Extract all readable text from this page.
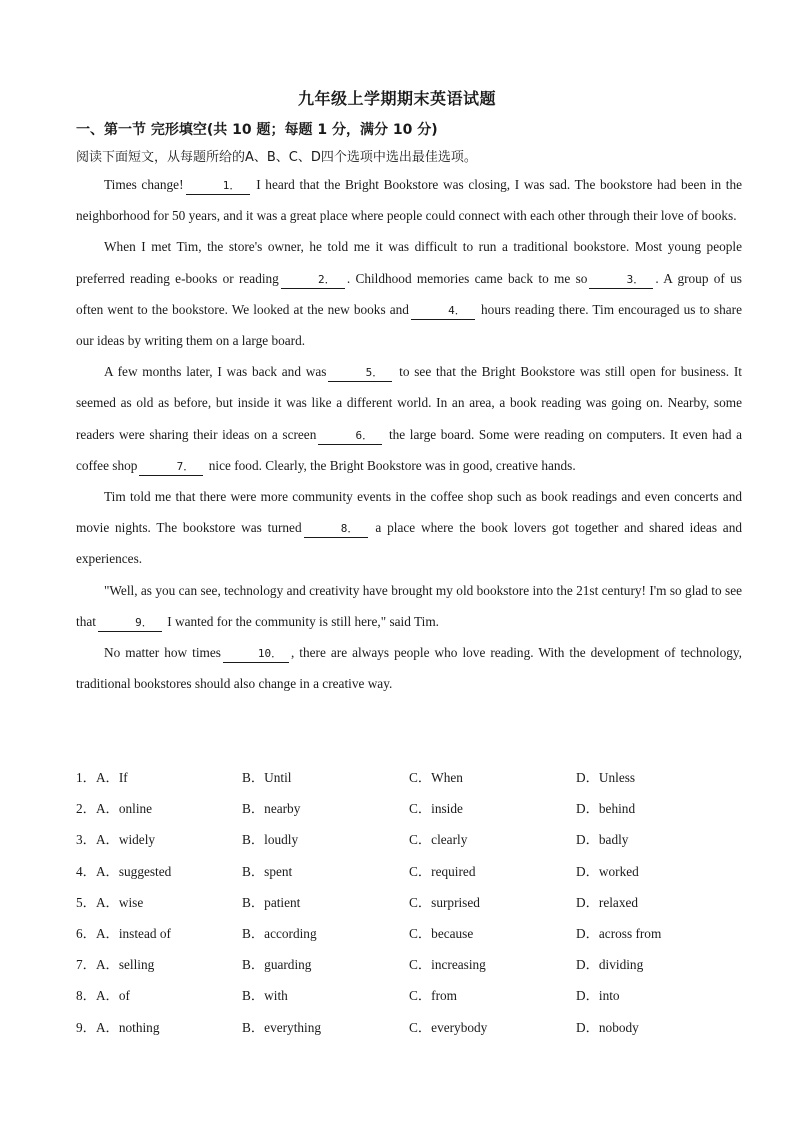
九年级上学期期末英语试题
一、第一节 完形填空(共 10 题；每题 1 分，满分 10 分)
阅读下面短文，从每题所给的A、B、C、D四个选项中选出最佳选项。

Times change!	1． I heard that the Bright Bookstore was closing, I was sad. The bookstore had been in the neighborhood for 50 years, and it was a great place where people could connect with each other through their love of books.

When I met Tim, the store's owner, he told me it was difficult to run a traditional bookstore. Most young people preferred reading e-books or reading	2． . Childhood memories came back to me so	3． . A group of us often went to the bookstore. We looked at the new books and	4． hours reading there. Tim encouraged us to share our ideas by writing them on a large board.

A few months later, I was back and was	5． to see that the Bright Bookstore was still open for business. It seemed as old as before, but inside it was like a different world. In an area, a book reading was going on. Nearby, some readers were sharing their ideas on a screen	6． the large board. Some were reading on computers. It even had a coffee shop	7． nice food. Clearly, the Bright Bookstore was in good, creative hands.

Tim told me that there were more community events in the coffee shop such as book readings and even concerts and movie nights. The bookstore was turned	8． a place where the book lovers got together and shared ideas and experiences.

"Well, as you can see, technology and creativity have brought my old bookstore into the 21st century! I'm so glad to see that	9． I wanted for the community is still here," said Tim.

No matter how times	10． , there are always people who love reading. With the development of technology, traditional bookstores should also change in a creative way.

1．A．If	B．Until	C．When	D．Unless
2．A．online	B．nearby	C．inside	D．behind
3．A．widely	B．loudly	C．clearly	D．badly
4．A．suggested	B．spent	C．required	D．worked
5．A．wise	B．patient	C．surprised	D．relaxed
6．A．instead of	B．according	C．because	D．across from
7．A．selling	B．guarding	C．increasing	D．dividing
8．A．of	B．with	C．from	D．into
9．A．nothing	B．everything	C．everybody	D．nobody
